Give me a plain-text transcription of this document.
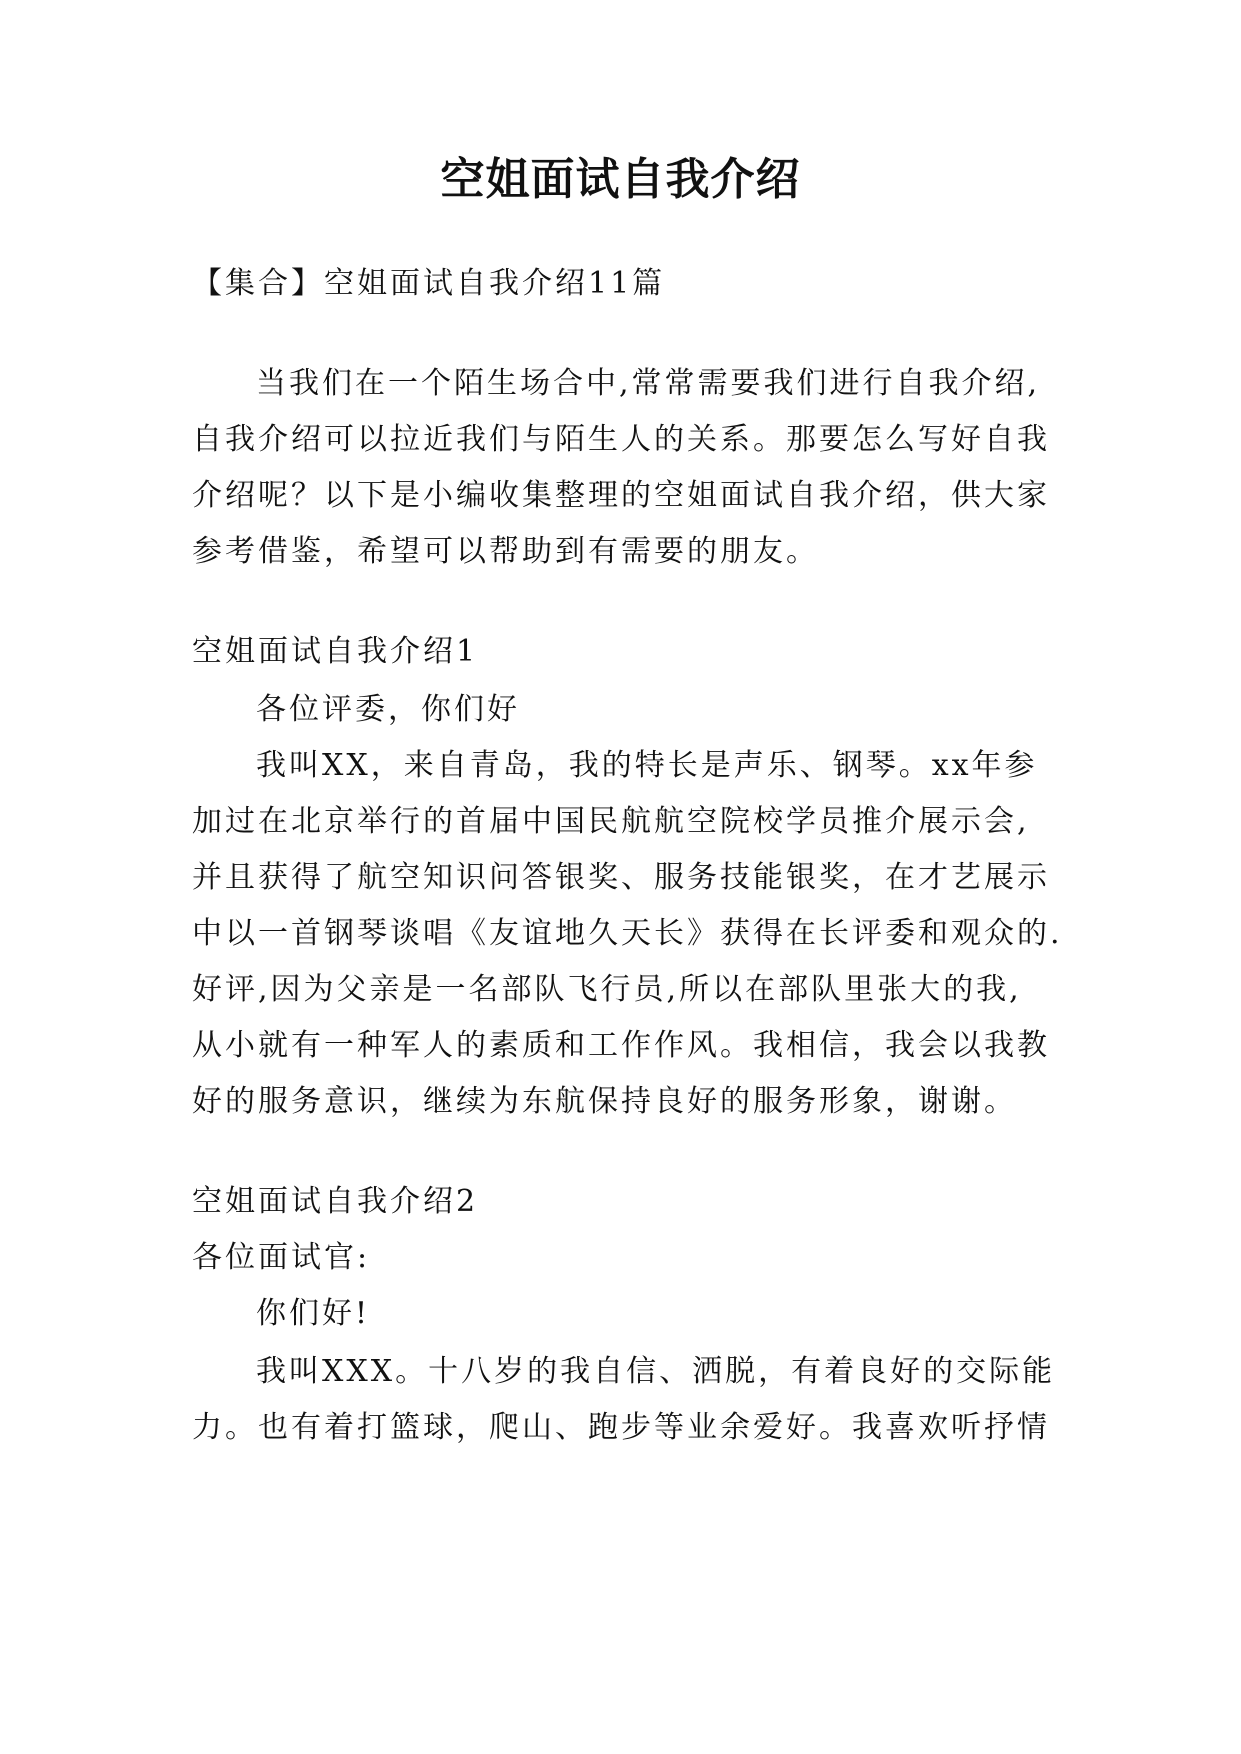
空姐面试自我介绍
【集合】空姐面试自我介绍11篇
当我们在一个陌生场合中,常常需要我们进行自我介绍,
自我介绍可以拉近我们与陌生人的关系。那要怎么写好自我
介绍呢？以下是小编收集整理的空姐面试自我介绍，供大家
参考借鉴，希望可以帮助到有需要的朋友。
空姐面试自我介绍1
各位评委，你们好
我叫XX，来自青岛，我的特长是声乐、钢琴。xx年参
加过在北京举行的首届中国民航航空院校学员推介展示会,
并且获得了航空知识问答银奖、服务技能银奖，在才艺展示
中以一首钢琴谈唱《友谊地久天长》获得在长评委和观众的.
好评,因为父亲是一名部队飞行员,所以在部队里张大的我,
从小就有一种军人的素质和工作作风。我相信，我会以我教
好的服务意识，继续为东航保持良好的服务形象，谢谢。
空姐面试自我介绍2
各位面试官:
你们好!
我叫XXX。十八岁的我自信、洒脱，有着良好的交际能
力。也有着打篮球，爬山、跑步等业余爱好。我喜欢听抒情
